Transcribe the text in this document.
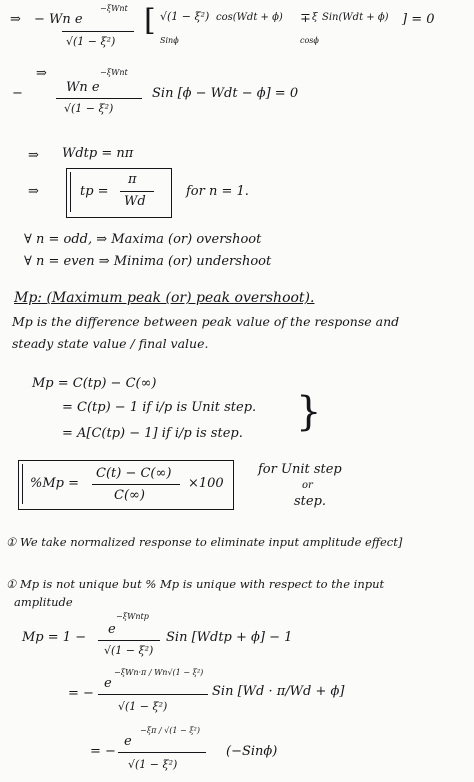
⇒ − Wn e
−ξWnt
√(1 − ξ²)
[ √(1 − ξ²)
Sinϕ
cos(Wdt + ϕ) ∓ ξ Sin(Wdt + ϕ)
cosϕ
] = 0
⇒
−	Wn e
−ξWnt
√(1 − ξ²)
Sin [ϕ − Wdt − ϕ] = 0
⇒ Wdtp = nπ
⇒	tp =
π
Wd
for n = 1.
∀ n = odd, ⇒ Maxima (or) overshoot
∀ n = even ⇒ Minima (or) undershoot
Mp: (Maximum peak (or) peak overshoot).
Mp is the difference between peak value of the response and
steady state value / final value.
Mp = C(tp) − C(∞)
= C(tp) − 1 if i/p is Unit step.
= A[C(tp) − 1] if i/p is step. }
%Mp =
C(t) − C(∞)
C(∞)
×100
for Unit step
or
step.
① We take normalized response to eliminate input amplitude effect]
① Mp is not unique but % Mp is unique with respect to the input
amplitude
Mp = 1 −
e
−ξWntp
√(1 − ξ²)
Sin [Wdtp + ϕ] − 1
= −
e
−ξWn·π / Wn√(1 − ξ²)
√(1 − ξ²)
Sin [Wd · π/Wd + ϕ]
= −
e
−ξπ / √(1 − ξ²)
√(1 − ξ²)
(−Sinϕ)
